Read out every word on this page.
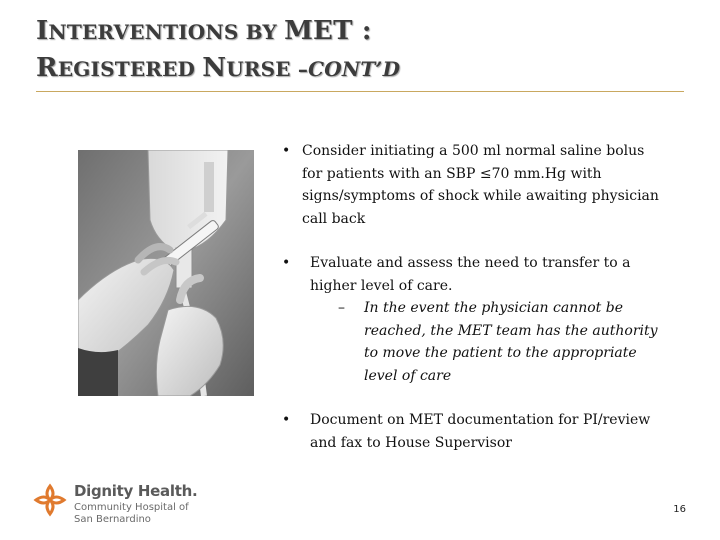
INTERVENTIONS BY MET :
REGISTERED NURSE –CONT’D
• Consider initiating a 500 ml normal saline bolus for patients with an SBP ≤70 mm.Hg with signs/symptoms of shock while awaiting physician call back
• Evaluate and assess the need to transfer to a higher level of care.
– In the event the physician cannot be reached, the MET team has the authority to move the patient to the appropriate level of care
• Document on MET documentation for PI/review and fax to House Supervisor
Dignity Health.
Community Hospital of
San Bernardino
16
